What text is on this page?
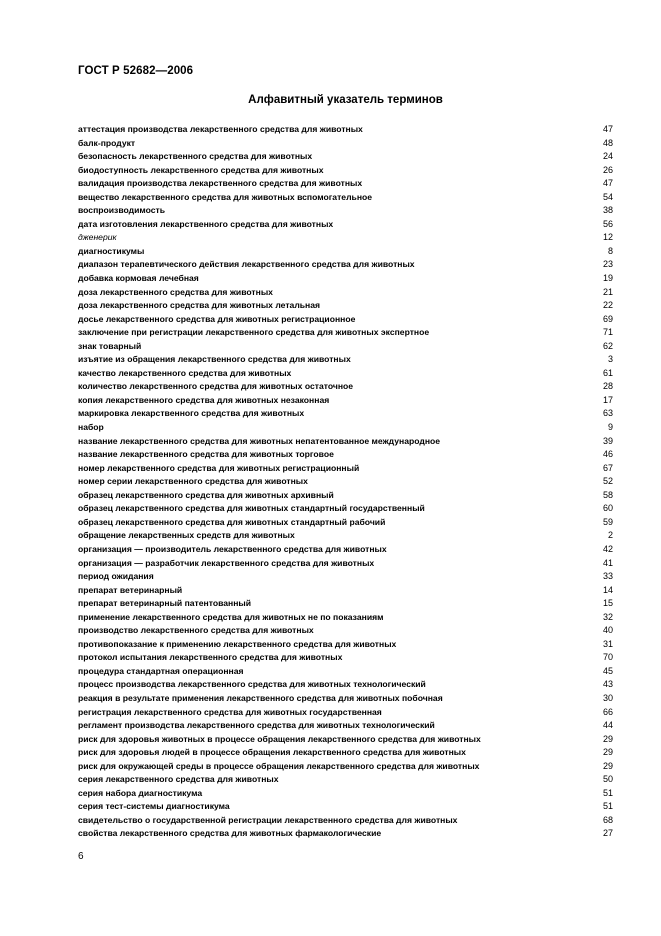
ГОСТ Р 52682—2006
Алфавитный указатель терминов
аттестация производства лекарственного средства для животных	47
балк-продукт	48
безопасность лекарственного средства для животных	24
биодоступность лекарственного средства для животных	26
валидация производства лекарственного средства для животных	47
вещество лекарственного средства для животных вспомогательное	54
воспроизводимость	38
дата изготовления лекарственного средства для животных	56
дженерик	12
диагностикумы	8
диапазон терапевтического действия лекарственного средства для животных	23
добавка кормовая лечебная	19
доза лекарственного средства для животных	21
доза лекарственного средства для животных летальная	22
досье лекарственного средства для животных регистрационное	69
заключение при регистрации лекарственного средства для животных экспертное	71
знак товарный	62
изъятие из обращения лекарственного средства для животных	3
качество лекарственного средства для животных	61
количество лекарственного средства для животных остаточное	28
копия лекарственного средства для животных незаконная	17
маркировка лекарственного средства для животных	63
набор	9
название лекарственного средства для животных непатентованное международное	39
название лекарственного средства для животных торговое	46
номер лекарственного средства для животных регистрационный	67
номер серии лекарственного средства для животных	52
образец лекарственного средства для животных архивный	58
образец лекарственного средства для животных стандартный государственный	60
образец лекарственного средства для животных стандартный рабочий	59
обращение лекарственных средств для животных	2
организация — производитель лекарственного средства для животных	42
организация — разработчик лекарственного средства для животных	41
период ожидания	33
препарат ветеринарный	14
препарат ветеринарный патентованный	15
применение лекарственного средства для животных не по показаниям	32
производство лекарственного средства для животных	40
противопоказание к применению лекарственного средства для животных	31
протокол испытания лекарственного средства для животных	70
процедура стандартная операционная	45
процесс производства лекарственного средства для животных технологический	43
реакция в результате применения лекарственного средства для животных побочная	30
регистрация лекарственного средства для животных государственная	66
регламент производства лекарственного средства для животных технологический	44
риск для здоровья животных в процессе обращения лекарственного средства для животных	29
риск для здоровья людей в процессе обращения лекарственного средства для животных	29
риск для окружающей среды в процессе обращения лекарственного средства для животных	29
серия лекарственного средства для животных	50
серия набора диагностикума	51
серия тест-системы диагностикума	51
свидетельство о государственной регистрации лекарственного средства для животных	68
свойства лекарственного средства для животных фармакологические	27
6
